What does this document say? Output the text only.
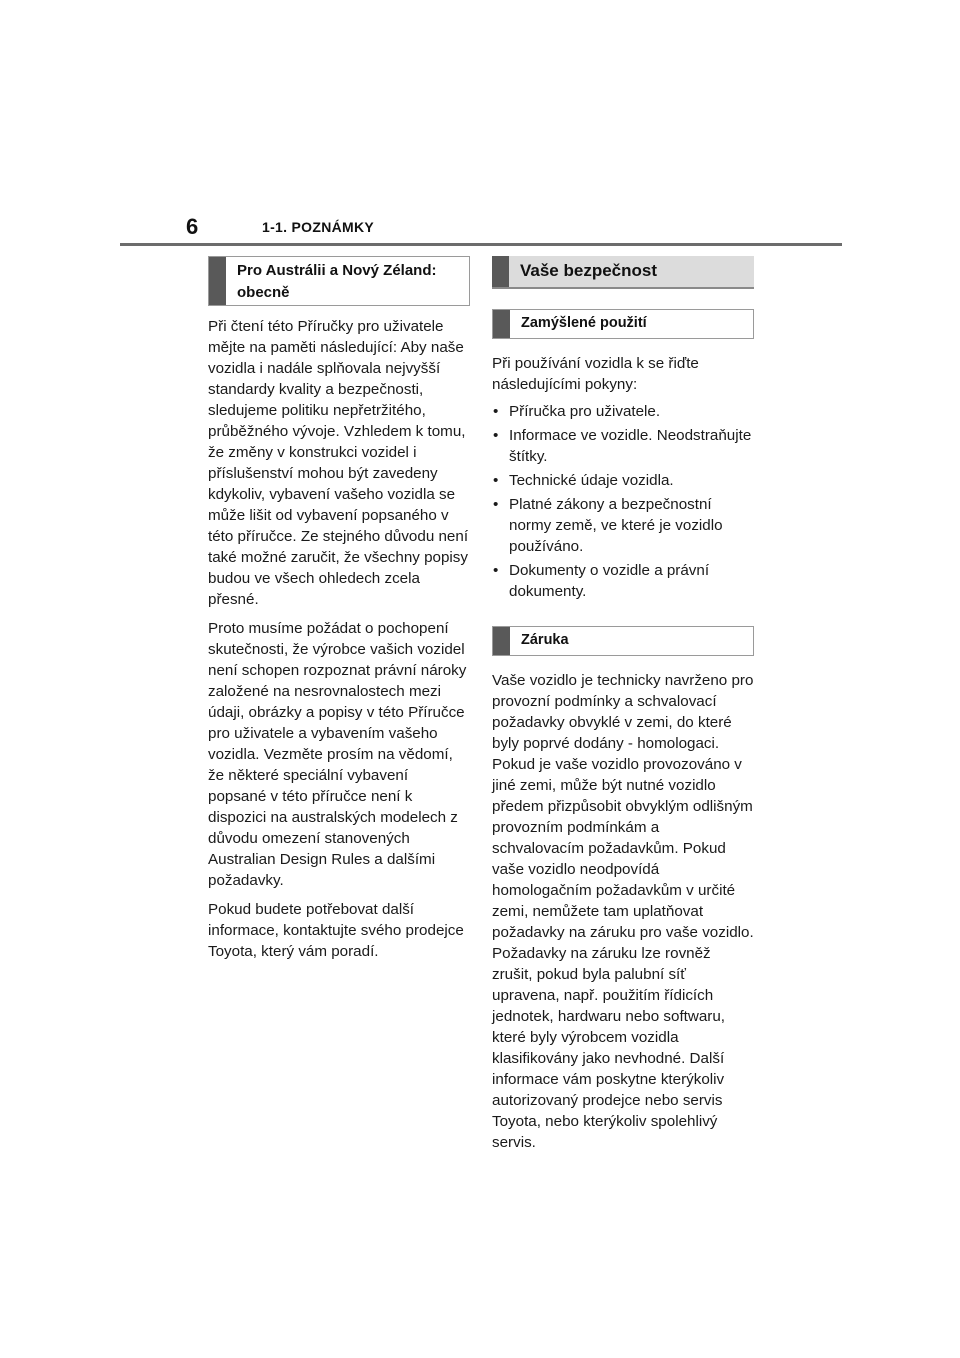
6	1-1. POZNÁMKY
Pro Austrálii a Nový Zéland:
obecně

Při čtení této Příručky pro uživatele mějte na paměti následující: Aby naše vozidla i nadále splňovala nejvyšší standardy kvality a bezpečnosti, sledujeme politiku nepřetržitého, průběžného vývoje. Vzhledem k tomu, že změny v konstrukci vozidel i příslušenství mohou být zavedeny kdykoliv, vybavení vašeho vozidla se může lišit od vybavení popsaného v této příručce. Ze stejného důvodu není také možné zaručit, že všechny popisy budou ve všech ohledech zcela přesné.

Proto musíme požádat o pochopení skutečnosti, že výrobce vašich vozidel není schopen rozpoznat právní nároky založené na nesrovnalostech mezi údaji, obrázky a popisy v této Příručce pro uživatele a vybavením vašeho vozidla. Vezměte prosím na vědomí, že některé speciální vybavení popsané v této příručce není k dispozici na australských modelech z důvodu omezení stanovených Australian Design Rules a dalšími požadavky.

Pokud budete potřebovat další informace, kontaktujte svého prodejce Toyota, který vám poradí.

Vaše bezpečnost
Zamýšlené použití

Při používání vozidla k se řiďte následujícími pokyny:

• Příručka pro uživatele.
• Informace ve vozidle. Neodstraňujte štítky.
• Technické údaje vozidla.
• Platné zákony a bezpečnostní normy země, ve které je vozidlo používáno.
• Dokumenty o vozidle a právní dokumenty.
Záruka

Vaše vozidlo je technicky navrženo pro provozní podmínky a schvalovací požadavky obvyklé v zemi, do které byly poprvé dodány - homologaci. Pokud je vaše vozidlo provozováno v jiné zemi, může být nutné vozidlo předem přizpůsobit obvyklým odlišným provozním podmínkám a schvalovacím požadavkům. Pokud vaše vozidlo neodpovídá homologačním požadavkům v určité zemi, nemůžete tam uplatňovat požadavky na záruku pro vaše vozidlo. Požadavky na záruku lze rovněž zrušit, pokud byla palubní síť upravena, např. použitím řídicích jednotek, hardwaru nebo softwaru, které byly výrobcem vozidla klasifikovány jako nevhodné. Další informace vám poskytne kterýkoliv autorizovaný prodejce nebo servis Toyota, nebo kterýkoliv spolehlivý servis.
